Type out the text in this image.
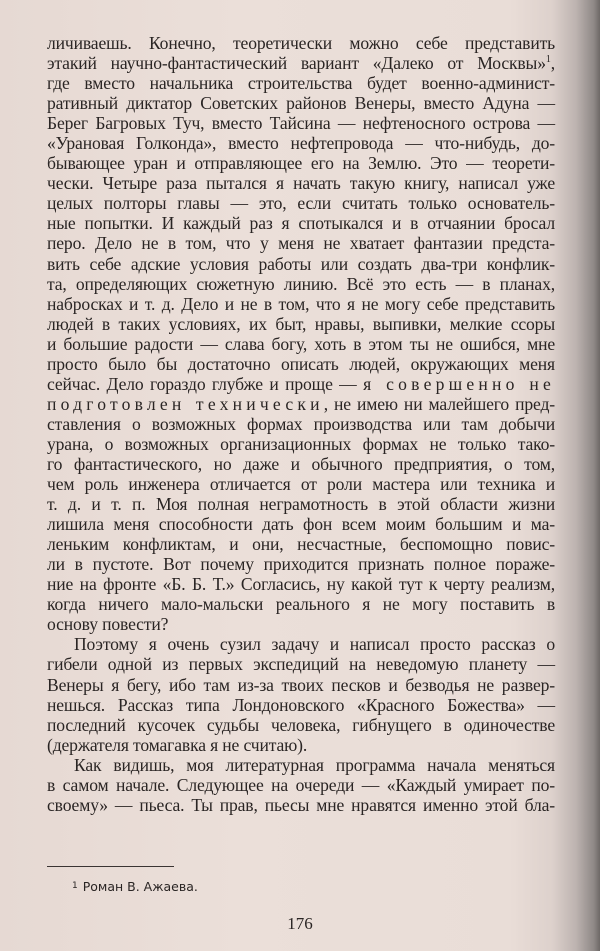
личиваешь. Конечно, теоретически можно себе представить
этакий научно-фантастический вариант «Далеко от Москвы»$^1$,
где вместо начальника строительства будет военно-админист-
ративный диктатор Советских районов Венеры, вместо Адуна —
Берег Багровых Туч, вместо Тайсина — нефтеносного острова —
«Урановая Голконда», вместо нефтепровода — что-нибудь, до-
бывающее уран и отправляющее его на Землю. Это — теорети-
чески. Четыре раза пытался я начать такую книгу, написал уже
целых полторы главы — это, если считать только основатель-
ные попытки. И каждый раз я спотыкался и в отчаянии бросал
перо. Дело не в том, что у меня не хватает фантазии предста-
вить себе адские условия работы или создать два-три конфлик-
та, определяющих сюжетную линию. Всё это есть — в планах,
набросках и т. д. Дело и не в том, что я не могу себе представить
людей в таких условиях, их быт, нравы, выпивки, мелкие ссоры
и большие радости — слава богу, хоть в этом ты не ошибся, мне
просто было бы достаточно описать людей, окружающих меня
сейчас. Дело гораздо глубже и проще — я совершенно не
подготовлен технически, не имею ни малейшего пред-
ставления о возможных формах производства или там добычи
урана, о возможных организационных формах не только тако-
го фантастического, но даже и обычного предприятия, о том,
чем роль инженера отличается от роли мастера или техника и
т. д. и т. п. Моя полная неграмотность в этой области жизни
лишила меня способности дать фон всем моим большим и ма-
леньким конфликтам, и они, несчастные, беспомощно повис-
ли в пустоте. Вот почему приходится признать полное пораже-
ние на фронте «Б. Б. Т.» Согласись, ну какой тут к черту реализм,
когда ничего мало-мальски реального я не могу поставить в
основу повести?
Поэтому я очень сузил задачу и написал просто рассказ о
гибели одной из первых экспедиций на неведомую планету —
Венеры я бегу, ибо там из-за твоих песков и безводья не развер-
нешься. Рассказ типа Лондоновского «Красного Божества» —
последний кусочек судьбы человека, гибнущего в одиночестве
(держателя томагавка я не считаю).
Как видишь, моя литературная программа начала меняться
в самом начале. Следующее на очереди — «Каждый умирает по-
своему» — пьеса. Ты прав, пьесы мне нравятся именно этой бла-
$^1$ Роман В. Ажаева.
176
